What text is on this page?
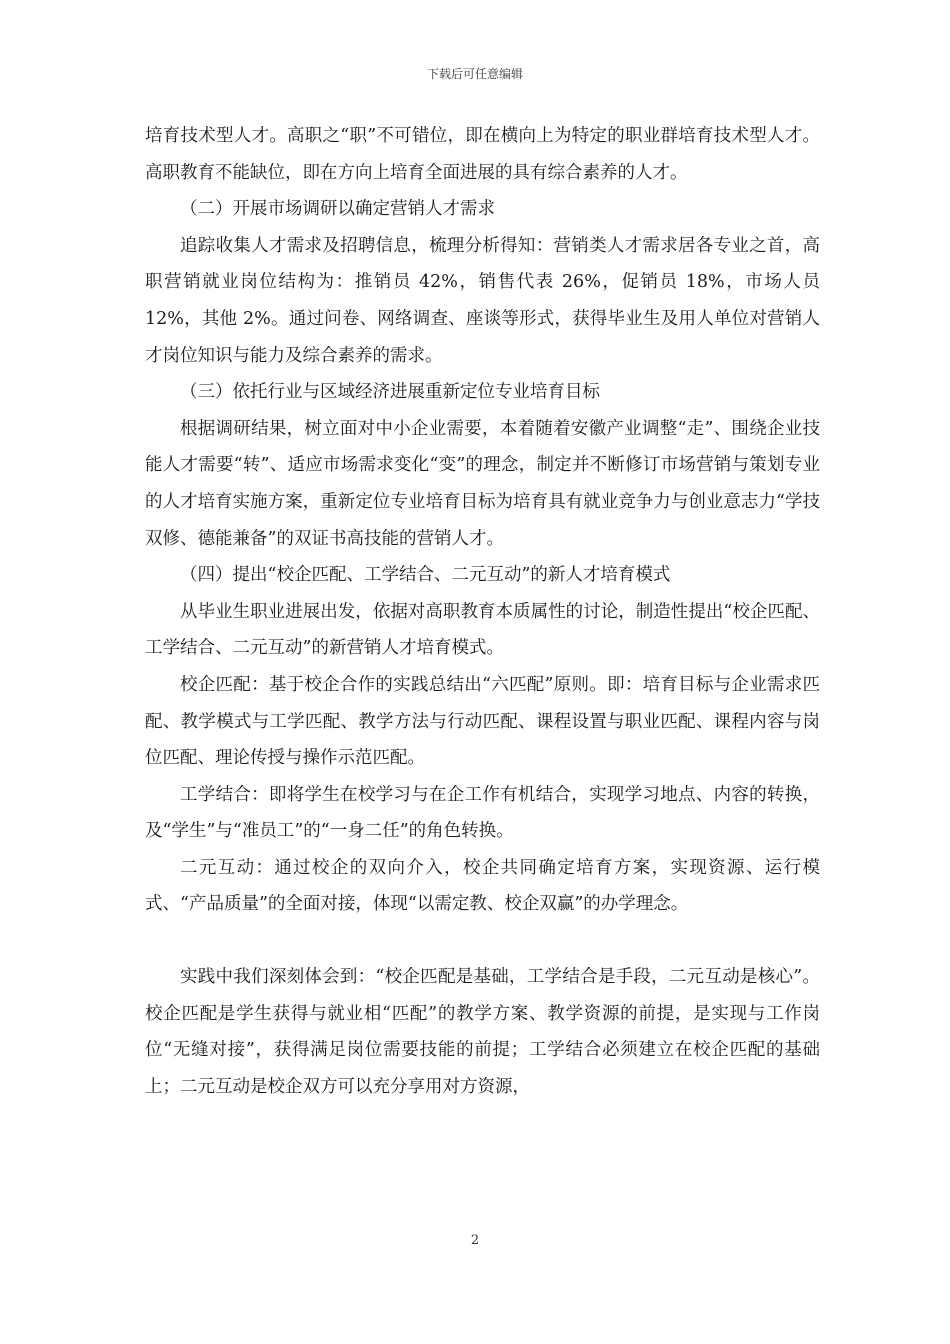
下载后可任意编辑

培育技术型人才。高职之“职”不可错位，即在横向上为特定的职业群培育技术型人才。高职教育不能缺位，即在方向上培育全面进展的具有综合素养的人才。

（二）开展市场调研以确定营销人才需求

追踪收集人才需求及招聘信息，梳理分析得知：营销类人才需求居各专业之首，高职营销就业岗位结构为：推销员 42%，销售代表 26%，促销员 18%，市场人员 12%，其他 2%。通过问卷、网络调查、座谈等形式，获得毕业生及用人单位对营销人才岗位知识与能力及综合素养的需求。

（三）依托行业与区域经济进展重新定位专业培育目标

根据调研结果，树立面对中小企业需要，本着随着安徽产业调整“走”、围绕企业技能人才需要“转”、适应市场需求变化“变”的理念，制定并不断修订市场营销与策划专业的人才培育实施方案，重新定位专业培育目标为培育具有就业竞争力与创业意志力“学技双修、德能兼备”的双证书高技能的营销人才。

（四）提出“校企匹配、工学结合、二元互动”的新人才培育模式

从毕业生职业进展出发，依据对高职教育本质属性的讨论，制造性提出“校企匹配、工学结合、二元互动”的新营销人才培育模式。

校企匹配：基于校企合作的实践总结出“六匹配”原则。即：培育目标与企业需求匹配、教学模式与工学匹配、教学方法与行动匹配、课程设置与职业匹配、课程内容与岗位匹配、理论传授与操作示范匹配。

工学结合：即将学生在校学习与在企工作有机结合，实现学习地点、内容的转换，及“学生”与“准员工”的“一身二任”的角色转换。

二元互动：通过校企的双向介入，校企共同确定培育方案，实现资源、运行模式、“产品质量”的全面对接，体现“以需定教、校企双赢”的办学理念。

实践中我们深刻体会到：“校企匹配是基础，工学结合是手段，二元互动是核心”。校企匹配是学生获得与就业相“匹配”的教学方案、教学资源的前提，是实现与工作岗位“无缝对接”，获得满足岗位需要技能的前提；工学结合必须建立在校企匹配的基础上；二元互动是校企双方可以充分享用对方资源，

2
